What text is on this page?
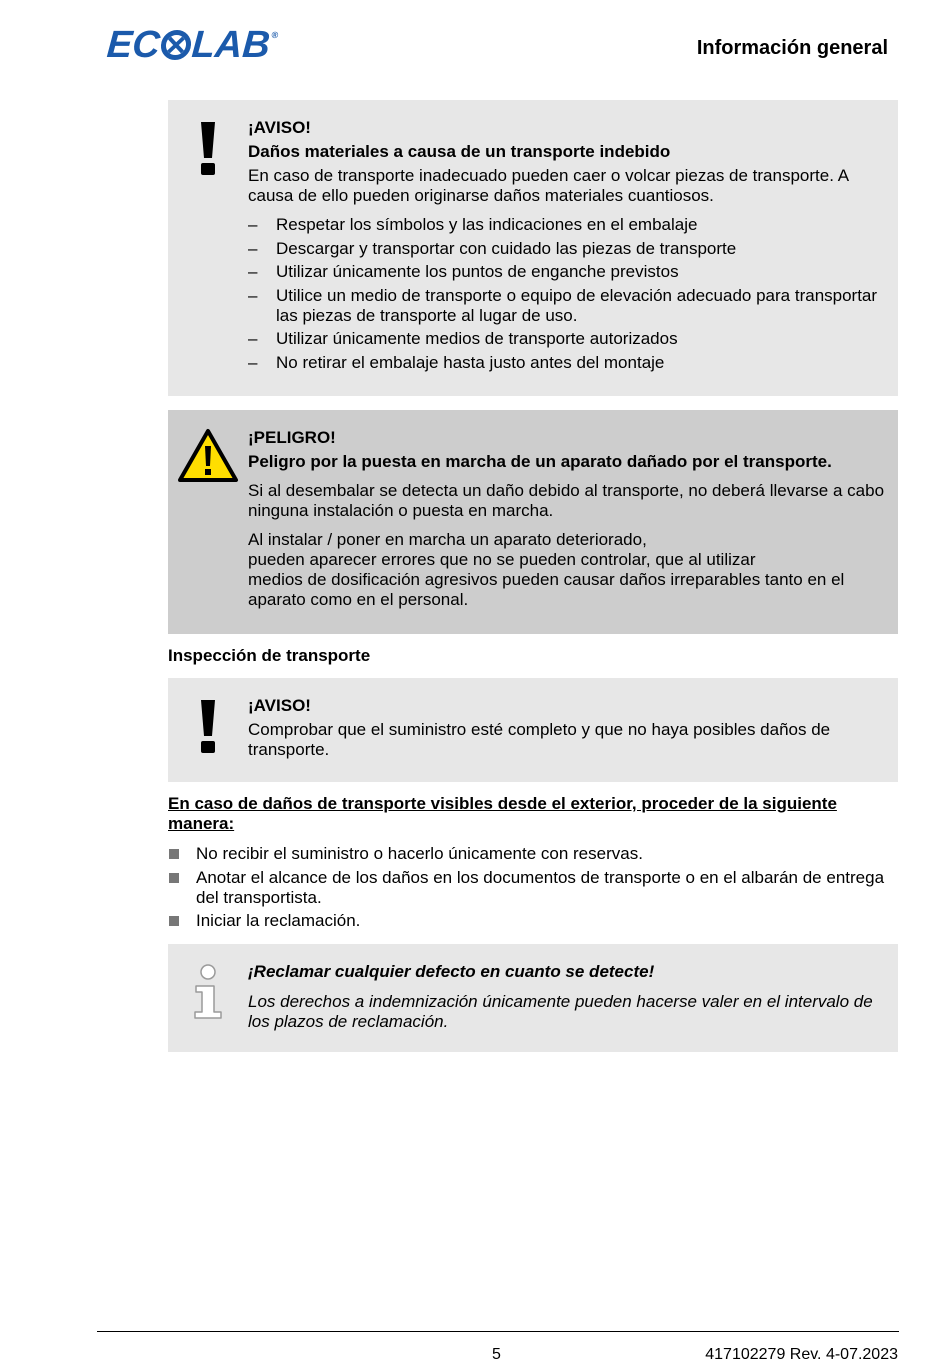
EC LAB ®
Información general

¡AVISO!

Daños materiales a causa de un transporte indebido

En caso de transporte inadecuado pueden caer o volcar piezas de transporte. A causa de ello pueden originarse daños materiales cuantiosos.

– Respetar los símbolos y las indicaciones en el embalaje
– Descargar y transportar con cuidado las piezas de transporte
– Utilizar únicamente los puntos de enganche previstos
– Utilice un medio de transporte o equipo de elevación adecuado para transportar las piezas de transporte al lugar de uso.
– Utilizar únicamente medios de transporte autorizados
– No retirar el embalaje hasta justo antes del montaje

¡PELIGRO!

Peligro por la puesta en marcha de un aparato dañado por el transporte.

Si al desembalar se detecta un daño debido al transporte, no deberá llevarse a cabo ninguna instalación o puesta en marcha.

Al instalar / poner en marcha un aparato deteriorado,

pueden aparecer errores que no se pueden controlar, que al utilizar

medios de dosificación agresivos pueden causar daños irreparables tanto en el aparato como en el personal.

Inspección de transporte

¡AVISO!

Comprobar que el suministro esté completo y que no haya posibles daños de transporte.

En caso de daños de transporte visibles desde el exterior, proceder de la siguiente manera:
No recibir el suministro o hacerlo únicamente con reservas.
Anotar el alcance de los daños en los documentos de transporte o en el albarán de entrega del transportista.
Iniciar la reclamación.

¡Reclamar cualquier defecto en cuanto se detecte!

Los derechos a indemnización únicamente pueden hacerse valer en el intervalo de los plazos de reclamación.

5	417102279 Rev. 4-07.2023
